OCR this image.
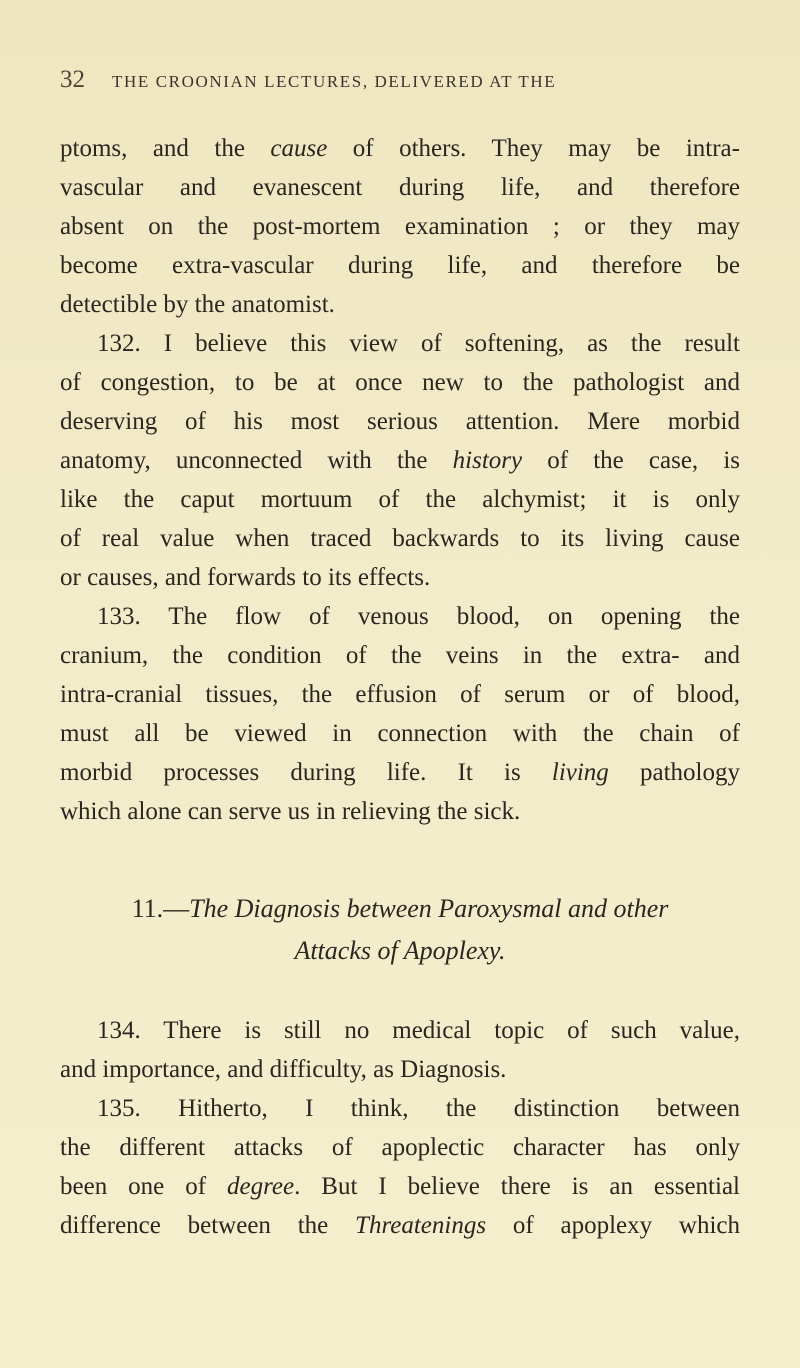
32 THE CROONIAN LECTURES, DELIVERED AT THE
ptoms, and the cause of others. They may be intra-
vascular and evanescent during life, and therefore
absent on the post-mortem examination ; or they may
become extra-vascular during life, and therefore be
detectible by the anatomist.
132. I believe this view of softening, as the result
of congestion, to be at once new to the pathologist and
deserving of his most serious attention. Mere morbid
anatomy, unconnected with the history of the case, is
like the caput mortuum of the alchymist; it is only
of real value when traced backwards to its living cause
or causes, and forwards to its effects.
133. The flow of venous blood, on opening the
cranium, the condition of the veins in the extra- and
intra-cranial tissues, the effusion of serum or of blood,
must all be viewed in connection with the chain of
morbid processes during life. It is living pathology
which alone can serve us in relieving the sick.
11.—The Diagnosis between Paroxysmal and other
Attacks of Apoplexy.
134. There is still no medical topic of such value,
and importance, and difficulty, as Diagnosis.
135. Hitherto, I think, the distinction between
the different attacks of apoplectic character has only
been one of degree. But I believe there is an essential
difference between the Threatenings of apoplexy which
